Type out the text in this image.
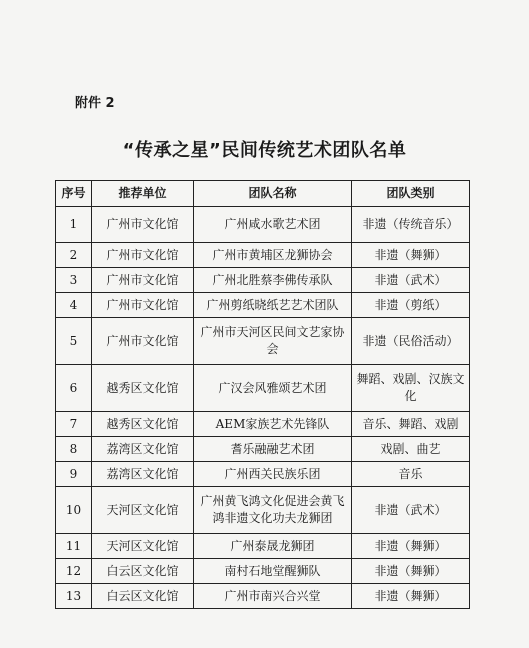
附件 2
“传承之星”民间传统艺术团队名单
序号	推荐单位	团队名称	团队类别
1	广州市文化馆	广州咸水歌艺术团	非遗（传统音乐）
2	广州市文化馆	广州市黄埔区龙狮协会	非遗（舞狮）
3	广州市文化馆	广州北胜蔡李佛传承队	非遗（武术）
4	广州市文化馆	广州剪纸晓纸艺艺术团队	非遗（剪纸）
5	广州市文化馆	广州市天河区民间文艺家协会	非遗（民俗活动）
6	越秀区文化馆	广汉会风雅颂艺术团	舞蹈、戏剧、汉族文化
7	越秀区文化馆	AEM家族艺术先锋队	音乐、舞蹈、戏剧
8	荔湾区文化馆	耆乐融融艺术团	戏剧、曲艺
9	荔湾区文化馆	广州西关民族乐团	音乐
10	天河区文化馆	广州黄飞鸿文化促进会黄飞鸿非遗文化功夫龙狮团	非遗（武术）
11	天河区文化馆	广州泰晟龙狮团	非遗（舞狮）
12	白云区文化馆	南村石地堂醒狮队	非遗（舞狮）
13	白云区文化馆	广州市南兴合兴堂	非遗（舞狮）
